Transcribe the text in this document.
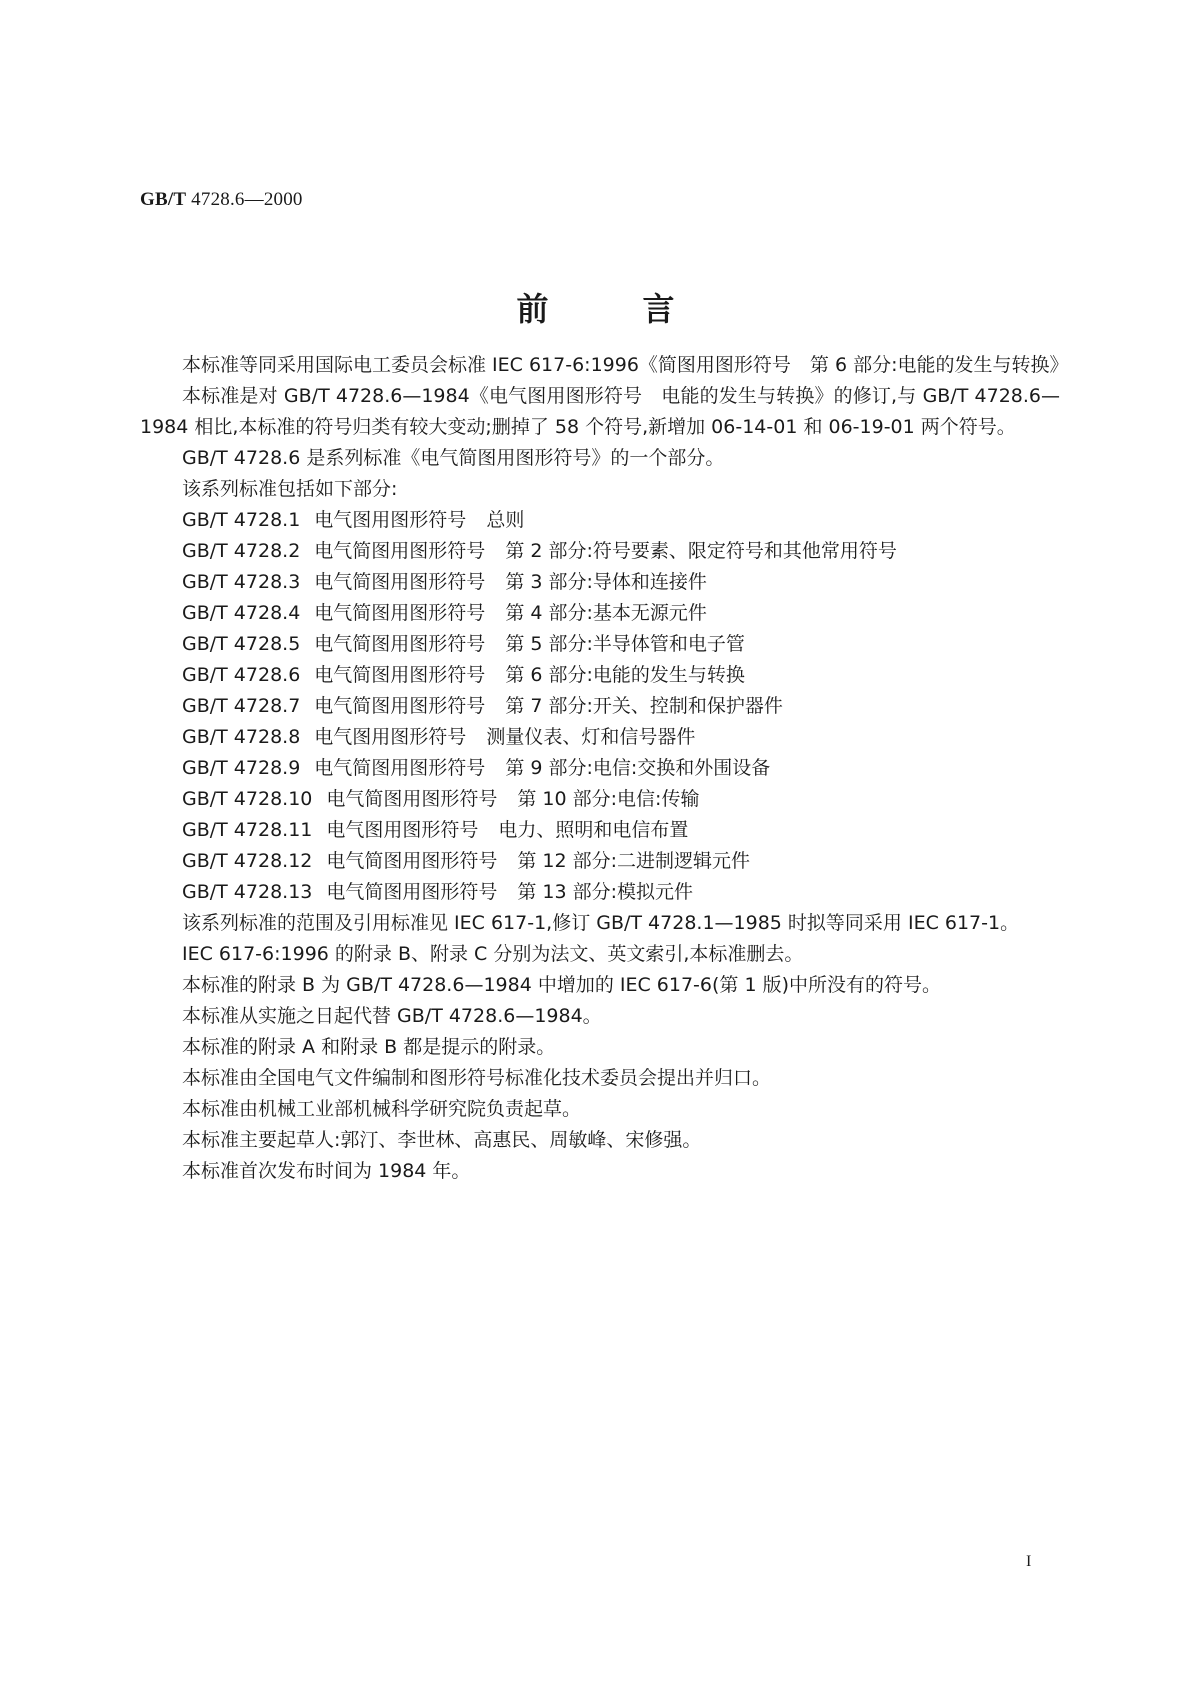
GB/T 4728.6—2000
前言

本标准等同采用国际电工委员会标准 IEC 617-6:1996《简图用图形符号　第 6 部分:电能的发生与转换》

本标准是对 GB/T 4728.6—1984《电气图用图形符号　电能的发生与转换》的修订,与 GB/T 4728.6—1984 相比,本标准的符号归类有较大变动;删掉了 58 个符号,新增加 06-14-01 和 06-19-01 两个符号。

GB/T 4728.6 是系列标准《电气简图用图形符号》的一个部分。

该系列标准包括如下部分:

GB/T 4728.1 电气图用图形符号 总则
GB/T 4728.2 电气简图用图形符号 第 2 部分:符号要素、限定符号和其他常用符号
GB/T 4728.3 电气简图用图形符号 第 3 部分:导体和连接件
GB/T 4728.4 电气简图用图形符号 第 4 部分:基本无源元件
GB/T 4728.5 电气简图用图形符号 第 5 部分:半导体管和电子管
GB/T 4728.6 电气简图用图形符号 第 6 部分:电能的发生与转换
GB/T 4728.7 电气简图用图形符号 第 7 部分:开关、控制和保护器件
GB/T 4728.8 电气图用图形符号 测量仪表、灯和信号器件
GB/T 4728.9 电气简图用图形符号 第 9 部分:电信:交换和外围设备
GB/T 4728.10 电气简图用图形符号 第 10 部分:电信:传输
GB/T 4728.11 电气图用图形符号 电力、照明和电信布置
GB/T 4728.12 电气简图用图形符号 第 12 部分:二进制逻辑元件
GB/T 4728.13 电气简图用图形符号 第 13 部分:模拟元件

该系列标准的范围及引用标准见 IEC 617-1,修订 GB/T 4728.1—1985 时拟等同采用 IEC 617-1。

IEC 617-6:1996 的附录 B、附录 C 分别为法文、英文索引,本标准删去。

本标准的附录 B 为 GB/T 4728.6—1984 中增加的 IEC 617-6(第 1 版)中所没有的符号。

本标准从实施之日起代替 GB/T 4728.6—1984。

本标准的附录 A 和附录 B 都是提示的附录。

本标准由全国电气文件编制和图形符号标准化技术委员会提出并归口。

本标准由机械工业部机械科学研究院负责起草。

本标准主要起草人:郭汀、李世林、高惠民、周敏峰、宋修强。

本标准首次发布时间为 1984 年。

I
